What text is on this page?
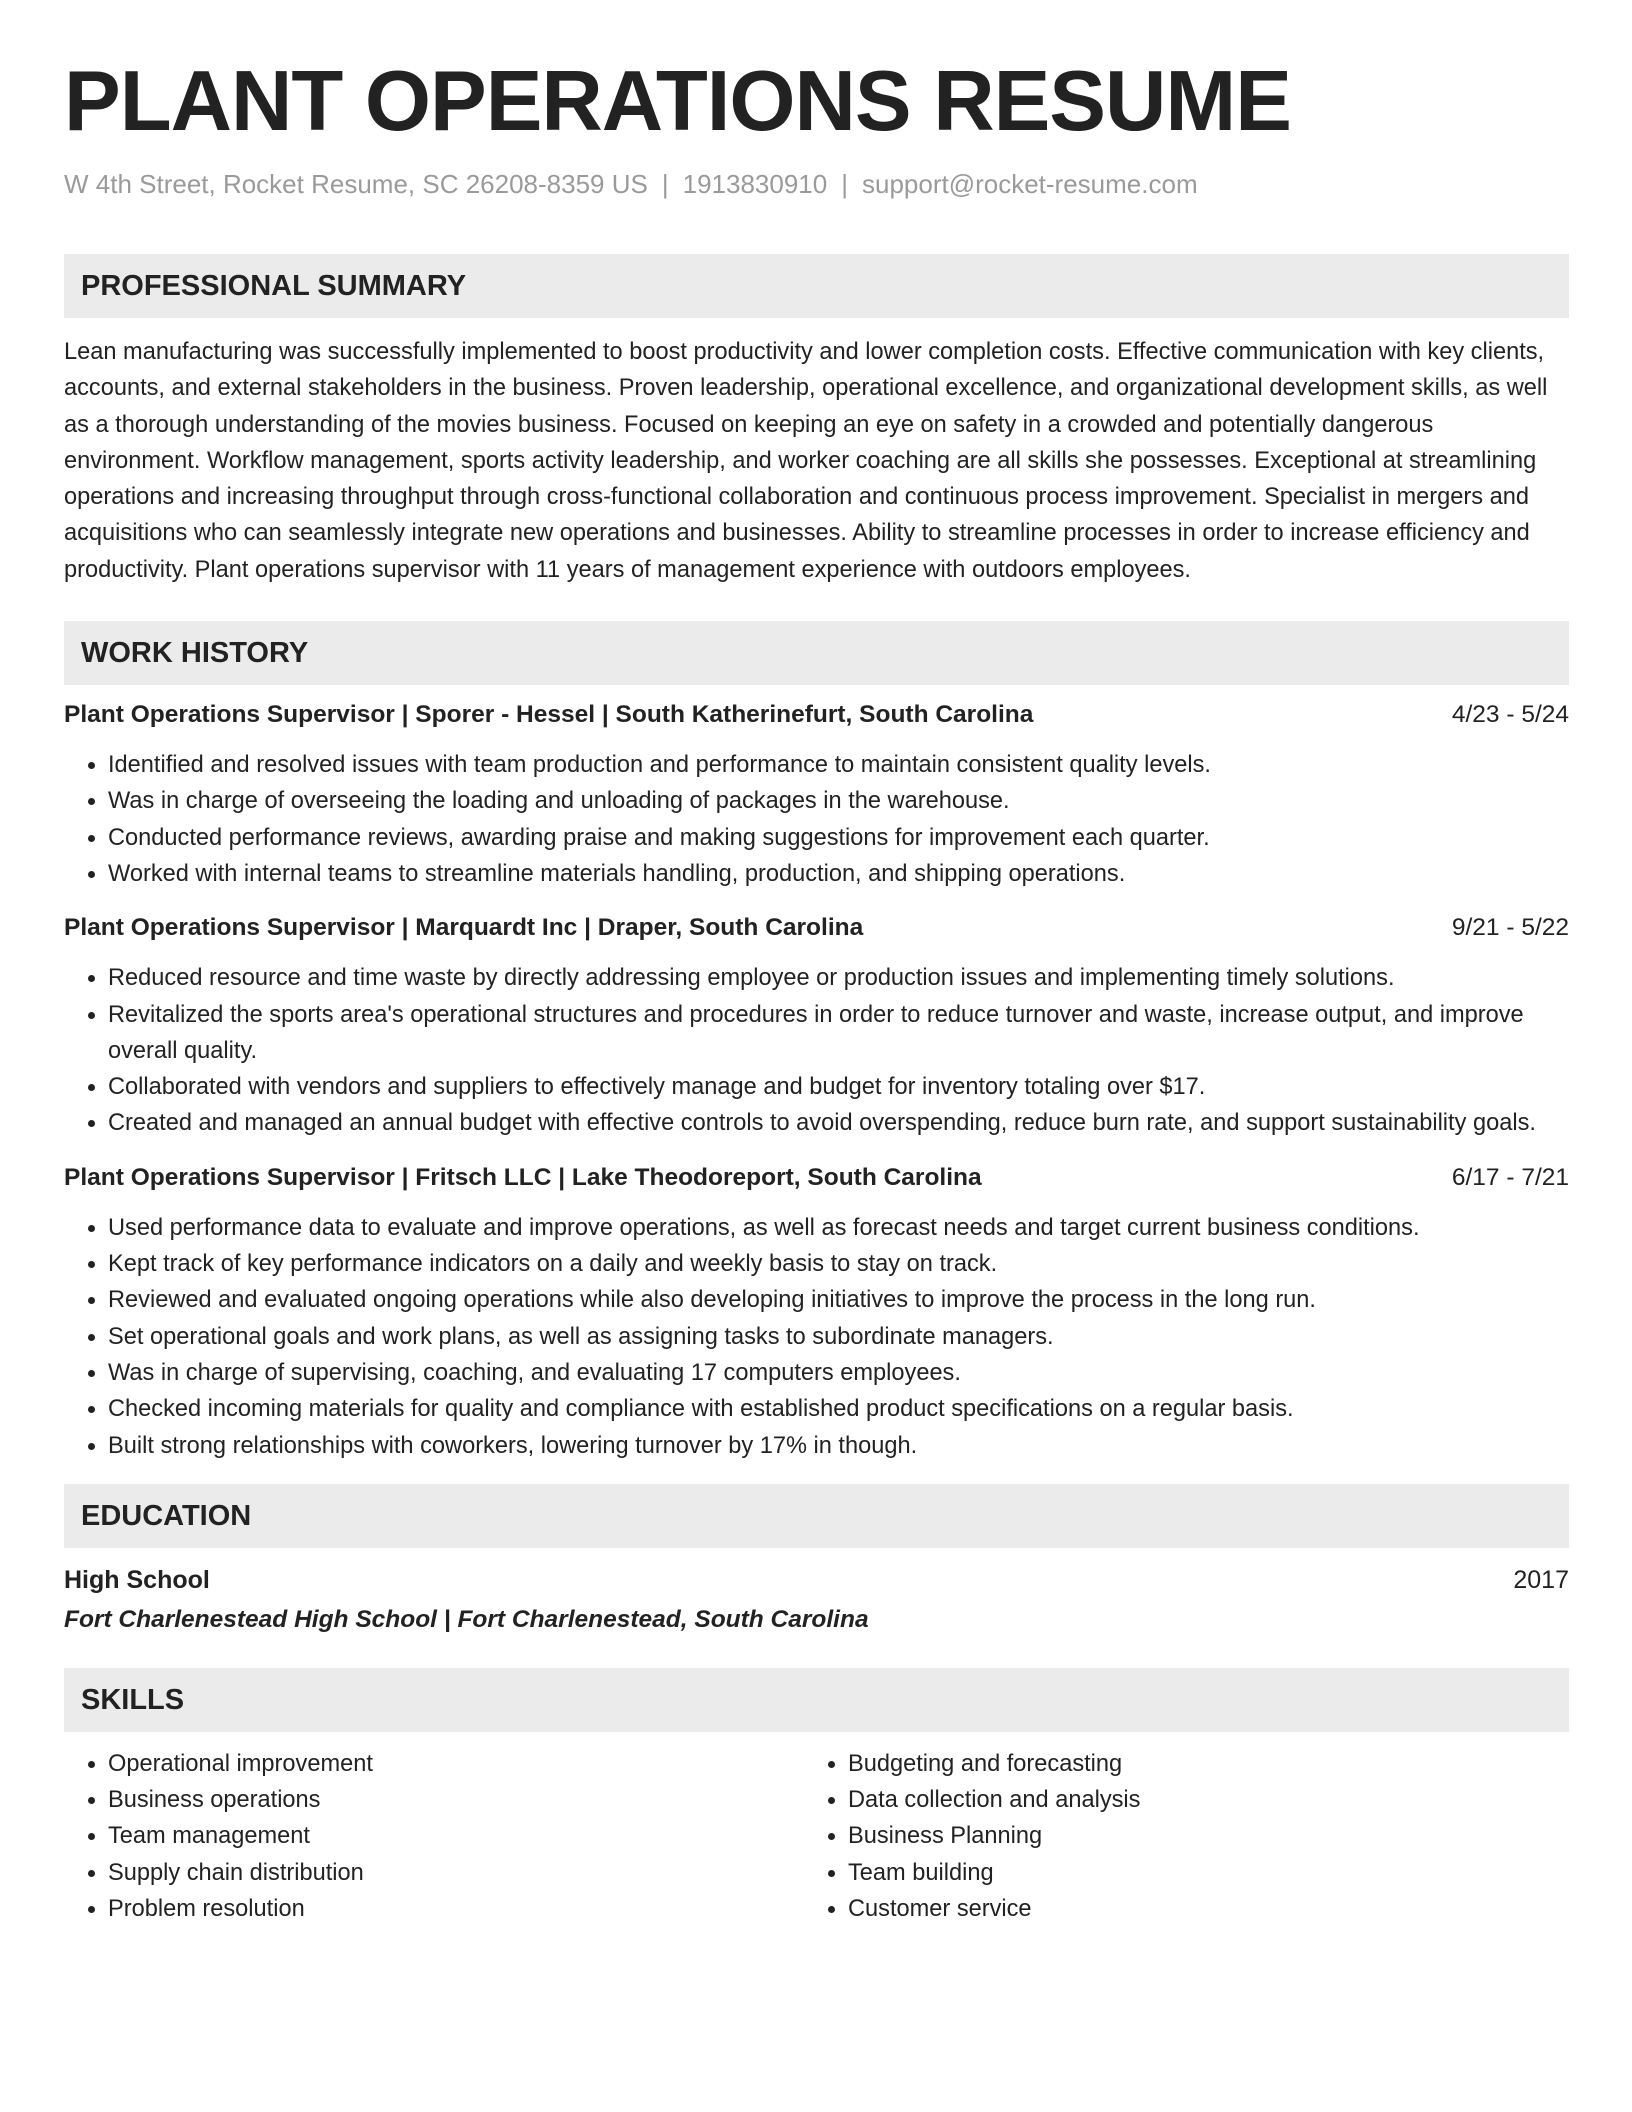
PLANT OPERATIONS RESUME
W 4th Street, Rocket Resume, SC 26208-8359 US | 1913830910 | support@rocket-resume.com
PROFESSIONAL SUMMARY

Lean manufacturing was successfully implemented to boost productivity and lower completion costs. Effective communication with key clients, accounts, and external stakeholders in the business. Proven leadership, operational excellence, and organizational development skills, as well as a thorough understanding of the movies business. Focused on keeping an eye on safety in a crowded and potentially dangerous environment. Workflow management, sports activity leadership, and worker coaching are all skills she possesses. Exceptional at streamlining operations and increasing throughput through cross-functional collaboration and continuous process improvement. Specialist in mergers and acquisitions who can seamlessly integrate new operations and businesses. Ability to streamline processes in order to increase efficiency and productivity. Plant operations supervisor with 11 years of management experience with outdoors employees.

WORK HISTORY
Plant Operations Supervisor | Sporer - Hessel | South Katherinefurt, South Carolina	4/23 - 5/24
• Identified and resolved issues with team production and performance to maintain consistent quality levels.
• Was in charge of overseeing the loading and unloading of packages in the warehouse.
• Conducted performance reviews, awarding praise and making suggestions for improvement each quarter.
• Worked with internal teams to streamline materials handling, production, and shipping operations.
Plant Operations Supervisor | Marquardt Inc | Draper, South Carolina	9/21 - 5/22
• Reduced resource and time waste by directly addressing employee or production issues and implementing timely solutions.
• Revitalized the sports area's operational structures and procedures in order to reduce turnover and waste, increase output, and improve overall quality.
• Collaborated with vendors and suppliers to effectively manage and budget for inventory totaling over $17.
• Created and managed an annual budget with effective controls to avoid overspending, reduce burn rate, and support sustainability goals.
Plant Operations Supervisor | Fritsch LLC | Lake Theodoreport, South Carolina	6/17 - 7/21
• Used performance data to evaluate and improve operations, as well as forecast needs and target current business conditions.
• Kept track of key performance indicators on a daily and weekly basis to stay on track.
• Reviewed and evaluated ongoing operations while also developing initiatives to improve the process in the long run.
• Set operational goals and work plans, as well as assigning tasks to subordinate managers.
• Was in charge of supervising, coaching, and evaluating 17 computers employees.
• Checked incoming materials for quality and compliance with established product specifications on a regular basis.
• Built strong relationships with coworkers, lowering turnover by 17% in though.
EDUCATION
High School	2017
Fort Charlenestead High School | Fort Charlenestead, South Carolina
SKILLS
• Operational improvement
• Business operations
• Team management
• Supply chain distribution
• Problem resolution
• Budgeting and forecasting
• Data collection and analysis
• Business Planning
• Team building
• Customer service
